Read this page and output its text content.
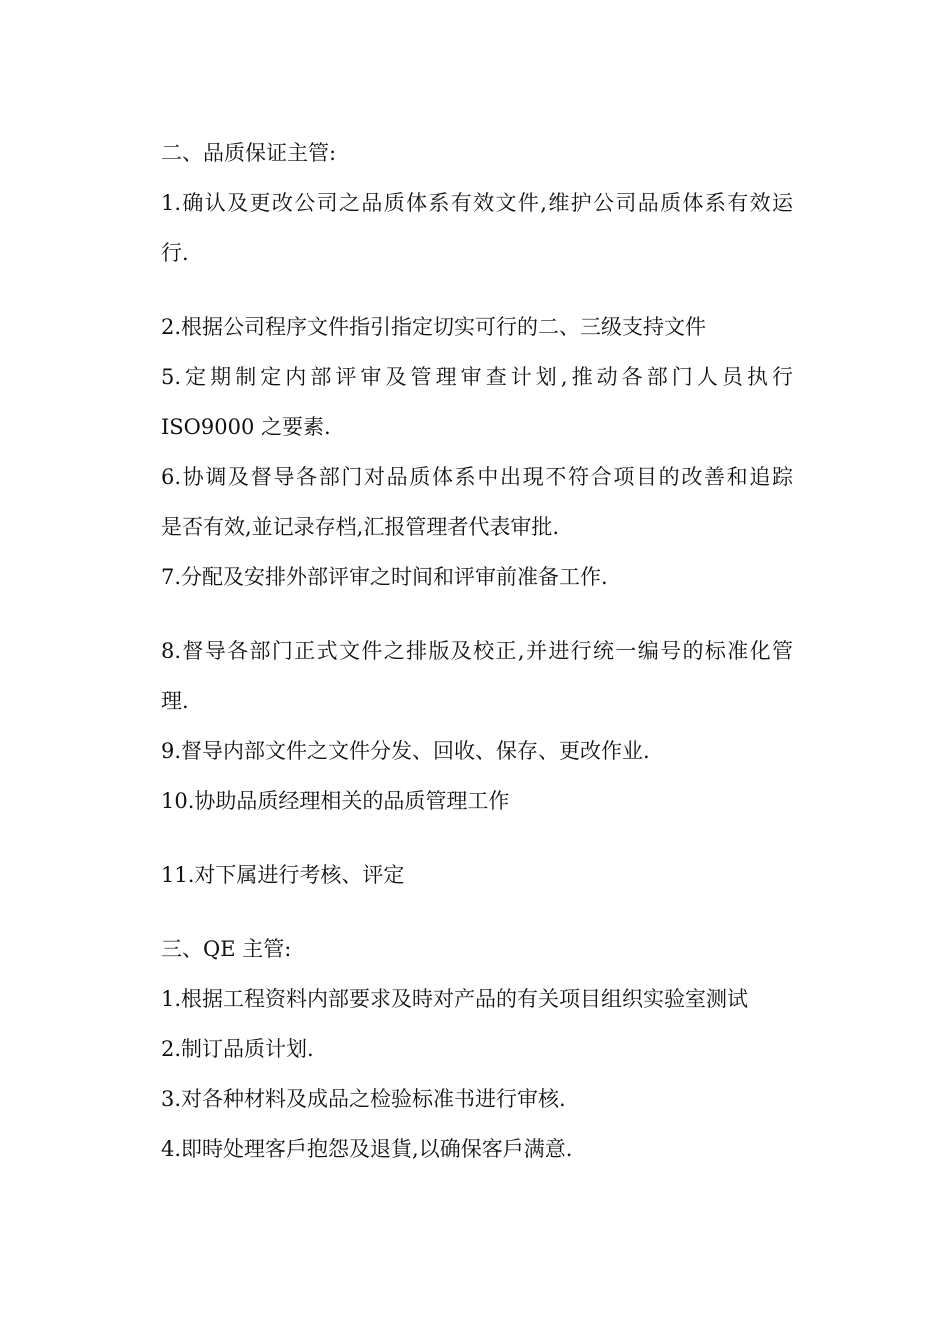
二、品质保证主管:
1.确认及更改公司之品质体系有效文件,维护公司品质体系有效运
行.
2.根据公司程序文件指引指定切实可行的二、三级支持文件
5.定期制定内部评审及管理审查计划,推动各部门人员执行
ISO9000 之要素.
6.协调及督导各部门对品质体系中出現不符合项目的改善和追踪
是否有效,並记录存档,汇报管理者代表审批.
7.分配及安排外部评审之时间和评审前准备工作.
8.督导各部门正式文件之排版及校正,并进行统一编号的标准化管
理.
9.督导内部文件之文件分发、回收、保存、更改作业.
10.协助品质经理相关的品质管理工作
11.对下属进行考核、评定
三、QE 主管:
1.根据工程资料内部要求及時对产品的有关项目组织实验室测试
2.制订品质计划.
3.对各种材料及成品之检验标准书进行审核.
4.即時处理客戶抱怨及退貨,以确保客戶满意.
